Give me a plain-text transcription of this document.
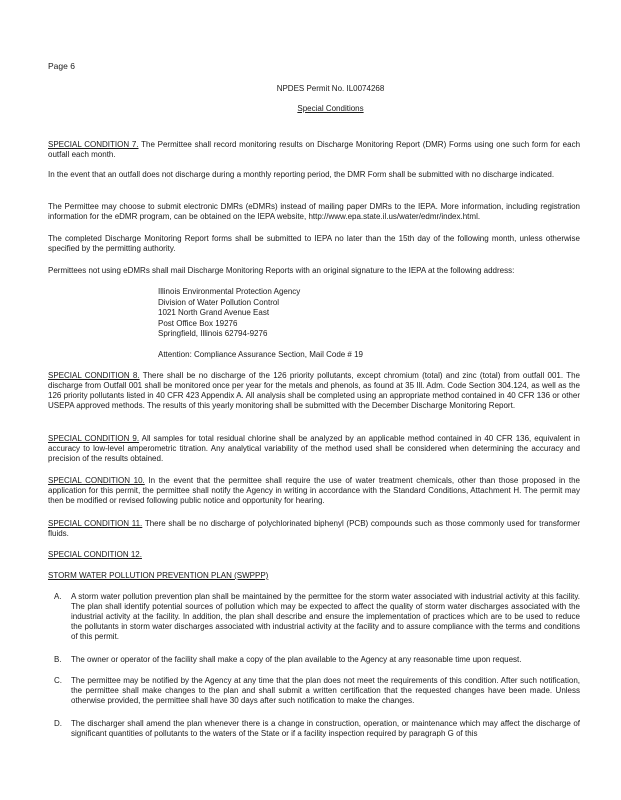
Page 6
NPDES Permit No. IL0074268
Special Conditions
SPECIAL CONDITION 7. The Permittee shall record monitoring results on Discharge Monitoring Report (DMR) Forms using one such form for each outfall each month.
In the event that an outfall does not discharge during a monthly reporting period, the DMR Form shall be submitted with no discharge indicated.
The Permittee may choose to submit electronic DMRs (eDMRs) instead of mailing paper DMRs to the IEPA. More information, including registration information for the eDMR program, can be obtained on the IEPA website, http://www.epa.state.il.us/water/edmr/index.html.
The completed Discharge Monitoring Report forms shall be submitted to IEPA no later than the 15th day of the following month, unless otherwise specified by the permitting authority.
Permittees not using eDMRs shall mail Discharge Monitoring Reports with an original signature to the IEPA at the following address:
Illinois Environmental Protection Agency
Division of Water Pollution Control
1021 North Grand Avenue East
Post Office Box 19276
Springfield, Illinois 62794-9276
Attention: Compliance Assurance Section, Mail Code # 19
SPECIAL CONDITION 8. There shall be no discharge of the 126 priority pollutants, except chromium (total) and zinc (total) from outfall 001. The discharge from Outfall 001 shall be monitored once per year for the metals and phenols, as found at 35 Ill. Adm. Code Section 304.124, as well as the 126 priority pollutants listed in 40 CFR 423 Appendix A. All analysis shall be completed using an appropriate method contained in 40 CFR 136 or other USEPA approved methods. The results of this yearly monitoring shall be submitted with the December Discharge Monitoring Report.
SPECIAL CONDITION 9. All samples for total residual chlorine shall be analyzed by an applicable method contained in 40 CFR 136, equivalent in accuracy to low-level amperometric titration. Any analytical variability of the method used shall be considered when determining the accuracy and precision of the results obtained.
SPECIAL CONDITION 10. In the event that the permittee shall require the use of water treatment chemicals, other than those proposed in the application for this permit, the permittee shall notify the Agency in writing in accordance with the Standard Conditions, Attachment H. The permit may then be modified or revised following public notice and opportunity for hearing.
SPECIAL CONDITION 11. There shall be no discharge of polychlorinated biphenyl (PCB) compounds such as those commonly used for transformer fluids.
SPECIAL CONDITION 12.
STORM WATER POLLUTION PREVENTION PLAN (SWPPP)
A. A storm water pollution prevention plan shall be maintained by the permittee for the storm water associated with industrial activity at this facility. The plan shall identify potential sources of pollution which may be expected to affect the quality of storm water discharges associated with the industrial activity at the facility. In addition, the plan shall describe and ensure the implementation of practices which are to be used to reduce the pollutants in storm water discharges associated with industrial activity at the facility and to assure compliance with the terms and conditions of this permit.
B. The owner or operator of the facility shall make a copy of the plan available to the Agency at any reasonable time upon request.
C. The permittee may be notified by the Agency at any time that the plan does not meet the requirements of this condition. After such notification, the permittee shall make changes to the plan and shall submit a written certification that the requested changes have been made. Unless otherwise provided, the permittee shall have 30 days after such notification to make the changes.
D. The discharger shall amend the plan whenever there is a change in construction, operation, or maintenance which may affect the discharge of significant quantities of pollutants to the waters of the State or if a facility inspection required by paragraph G of this
